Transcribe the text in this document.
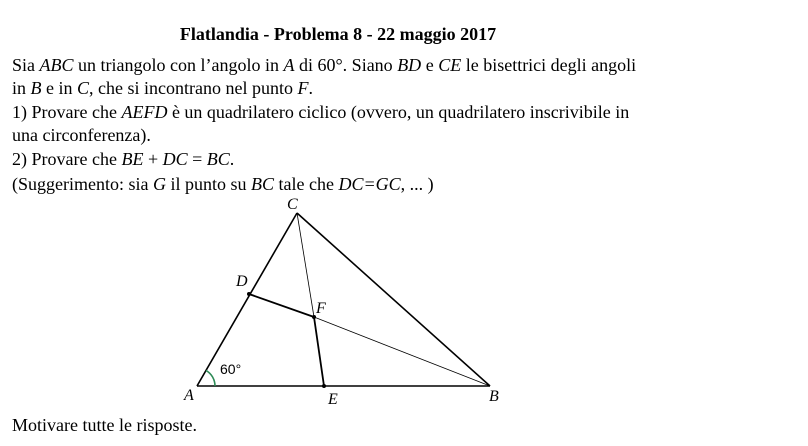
Flatlandia - Problema 8 - 22 maggio 2017
Sia ABC un triangolo con l’angolo in A di 60°. Siano BD e CE le bisettrici degli angoli
in B e in C, che si incontrano nel punto F.
1) Provare che AEFD è un quadrilatero ciclico (ovvero, un quadrilatero inscrivibile in
una circonferenza).
2) Provare che BE + DC = BC.
(Suggerimento: sia G il punto su BC tale che DC=GC, ... )
C
D
F
A	E	B
60°
Motivare tutte le risposte.
